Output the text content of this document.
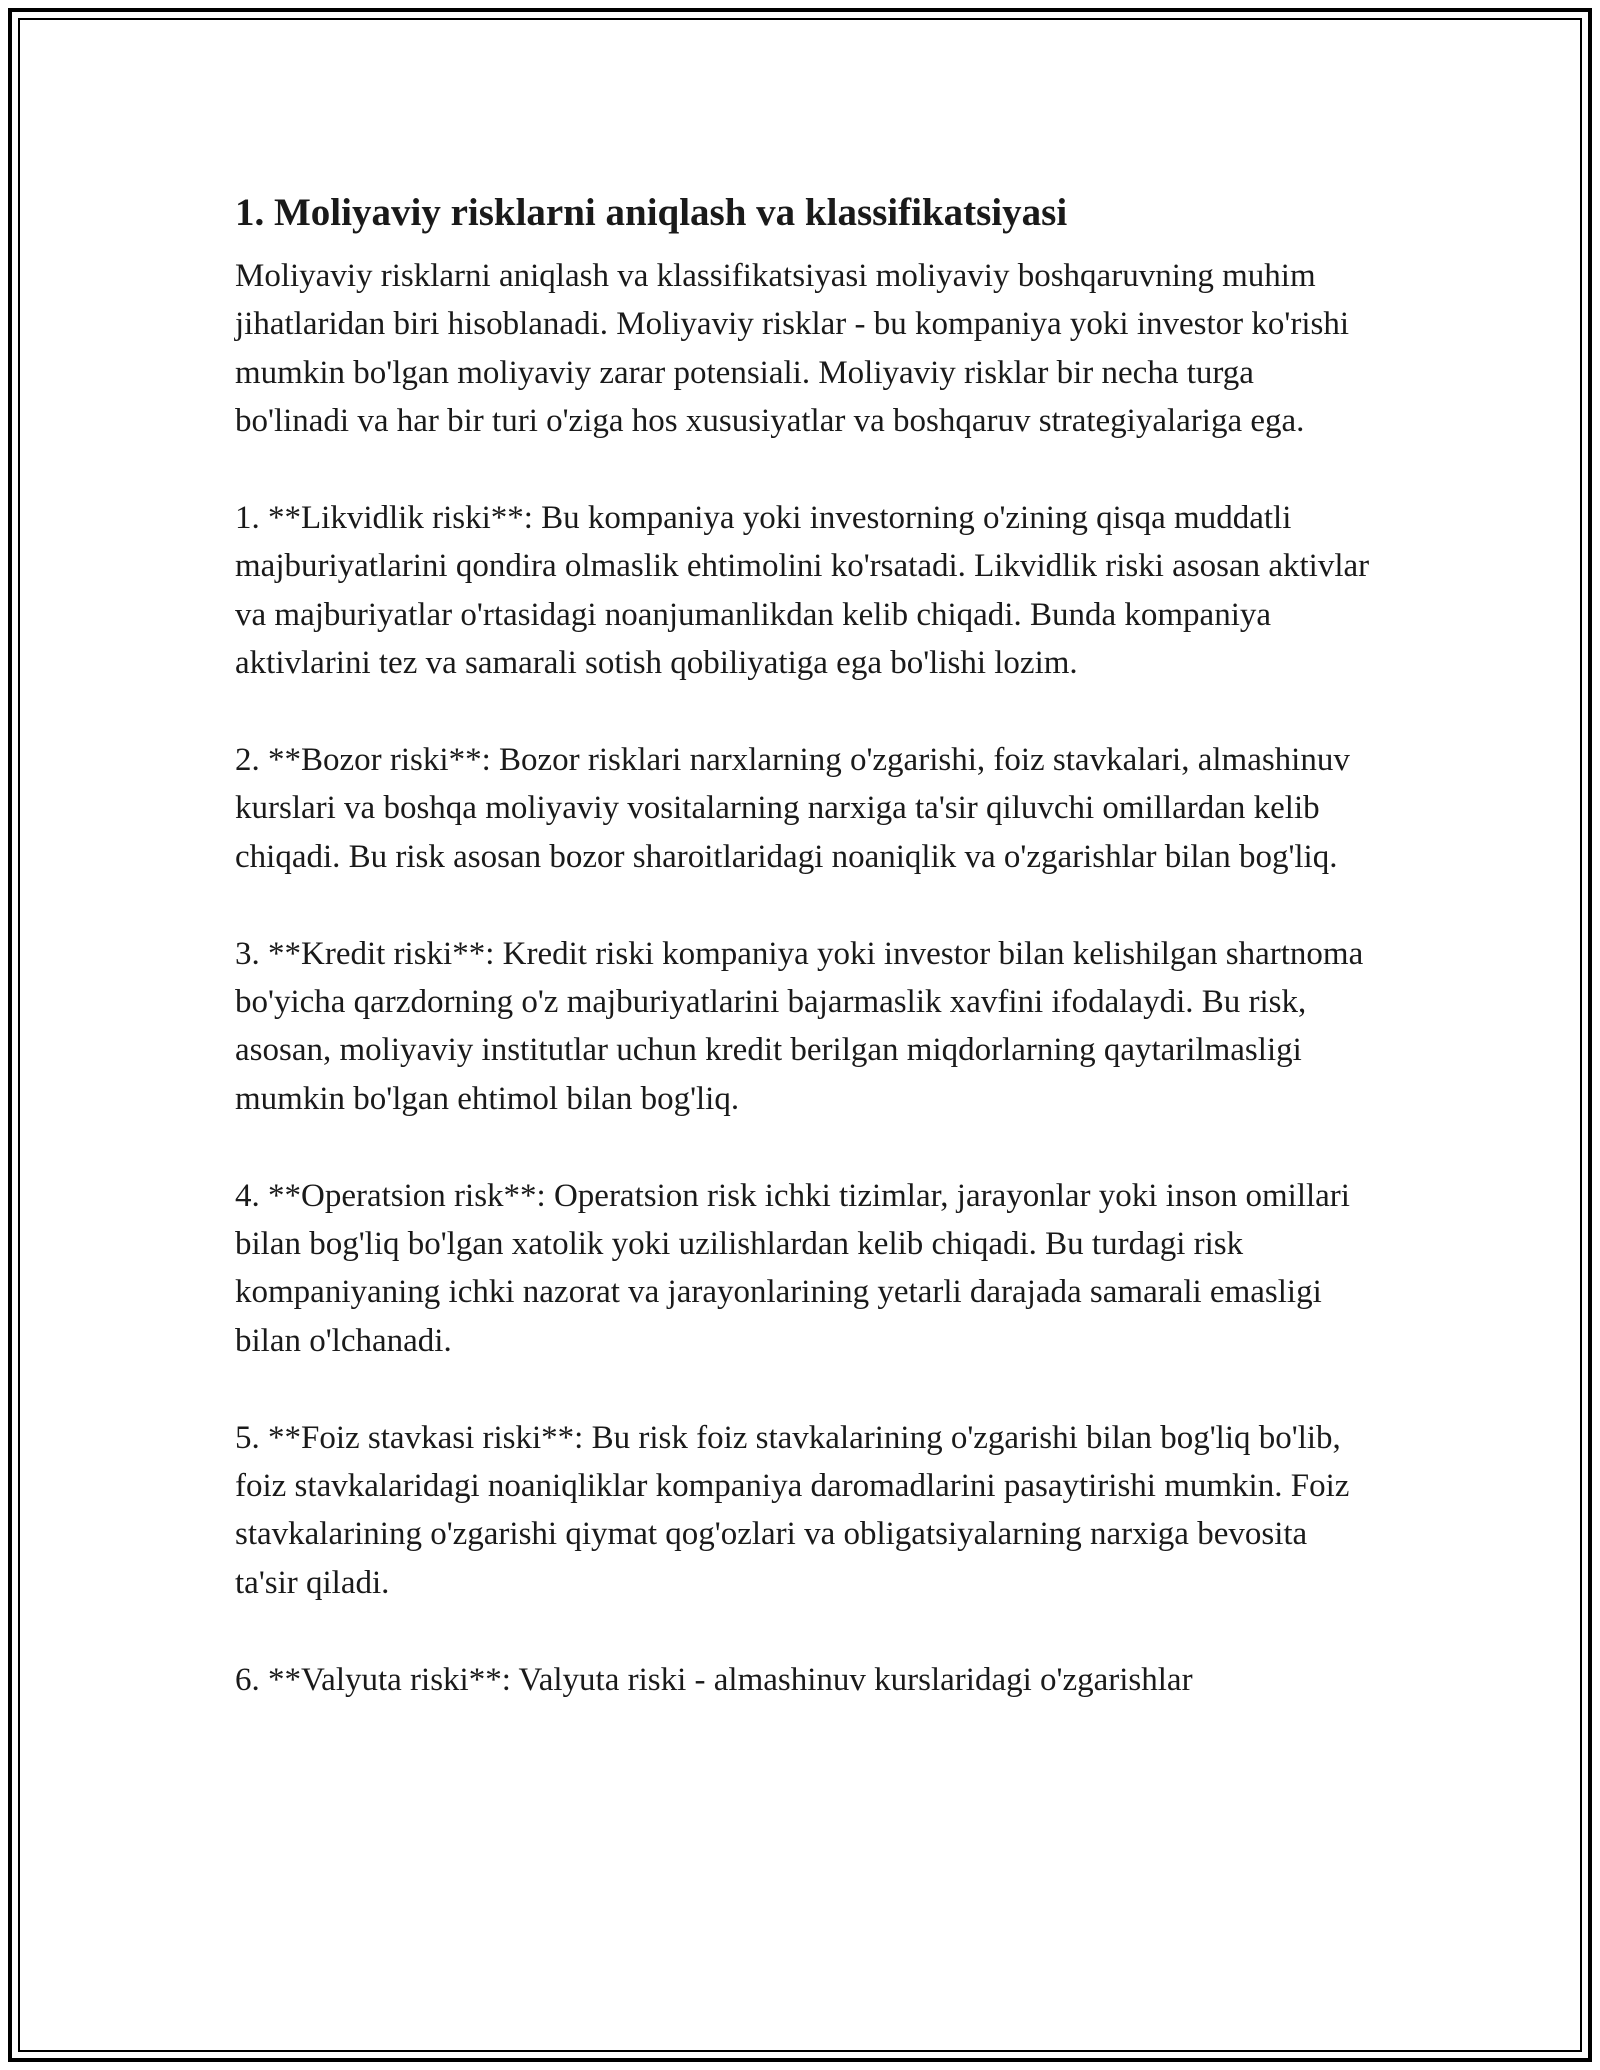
1. Moliyaviy risklarni aniqlash va klassifikatsiyasi

Moliyaviy risklarni aniqlash va klassifikatsiyasi moliyaviy boshqaruvning muhim jihatlaridan biri hisoblanadi. Moliyaviy risklar - bu kompaniya yoki investor ko'rishi mumkin bo'lgan moliyaviy zarar potensiali. Moliyaviy risklar bir necha turga bo'linadi va har bir turi o'ziga hos xususiyatlar va boshqaruv strategiyalariga ega.

1. **Likvidlik riski**: Bu kompaniya yoki investorning o'zining qisqa muddatli majburiyatlarini qondira olmaslik ehtimolini ko'rsatadi. Likvidlik riski asosan aktivlar va majburiyatlar o'rtasidagi noanjumanlikdan kelib chiqadi. Bunda kompaniya aktivlarini tez va samarali sotish qobiliyatiga ega bo'lishi lozim.

2. **Bozor riski**: Bozor risklari narxlarning o'zgarishi, foiz stavkalari, almashinuv kurslari va boshqa moliyaviy vositalarning narxiga ta'sir qiluvchi omillardan kelib chiqadi. Bu risk asosan bozor sharoitlaridagi noaniqlik va o'zgarishlar bilan bog'liq.

3. **Kredit riski**: Kredit riski kompaniya yoki investor bilan kelishilgan shartnoma bo'yicha qarzdorning o'z majburiyatlarini bajarmaslik xavfini ifodalaydi. Bu risk, asosan, moliyaviy institutlar uchun kredit berilgan miqdorlarning qaytarilmasligi mumkin bo'lgan ehtimol bilan bog'liq.

4. **Operatsion risk**: Operatsion risk ichki tizimlar, jarayonlar yoki inson omillari bilan bog'liq bo'lgan xatolik yoki uzilishlardan kelib chiqadi. Bu turdagi risk kompaniyaning ichki nazorat va jarayonlarining yetarli darajada samarali emasligi bilan o'lchanadi.

5. **Foiz stavkasi riski**: Bu risk foiz stavkalarining o'zgarishi bilan bog'liq bo'lib, foiz stavkalaridagi noaniqliklar kompaniya daromadlarini pasaytirishi mumkin. Foiz stavkalarining o'zgarishi qiymat qog'ozlari va obligatsiyalarning narxiga bevosita ta'sir qiladi.

6. **Valyuta riski**: Valyuta riski - almashinuv kurslaridagi o'zgarishlar
